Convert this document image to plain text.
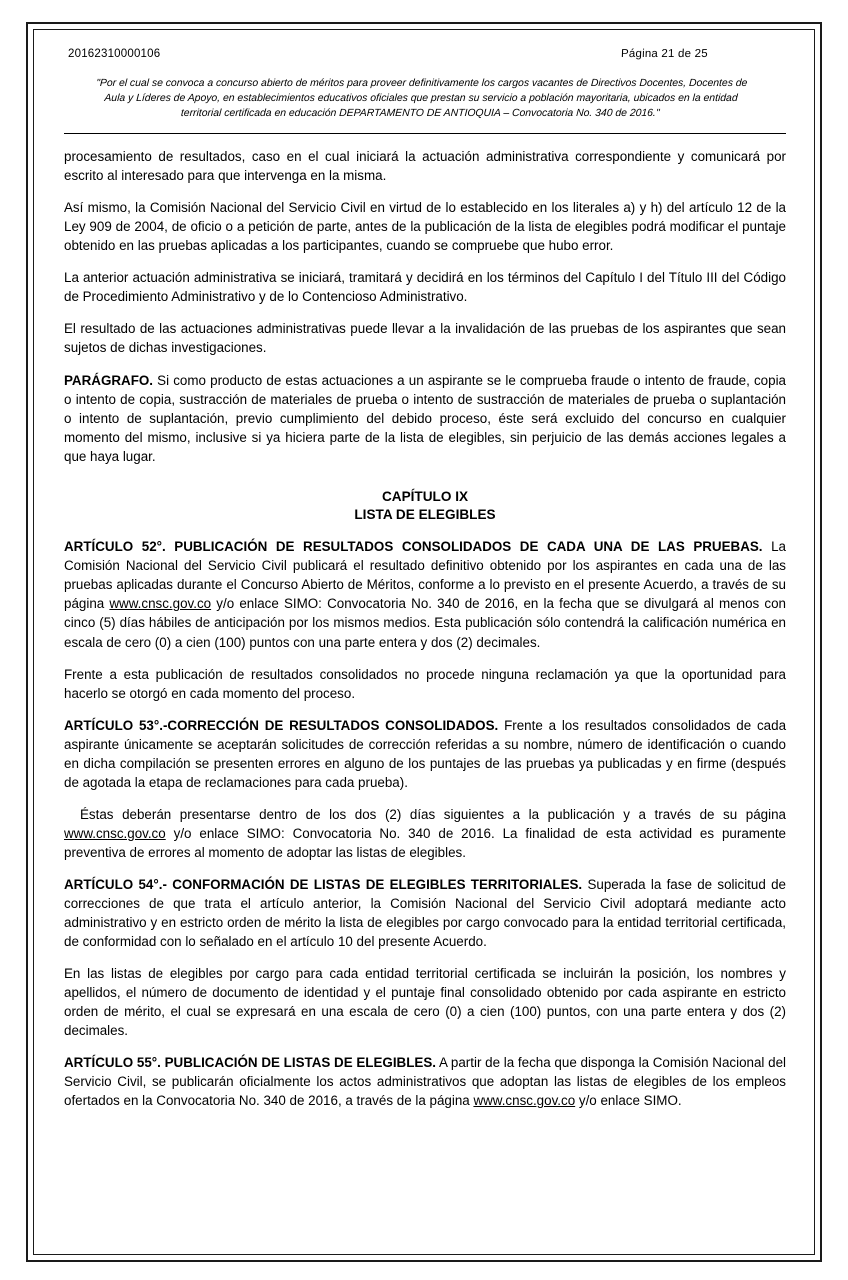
20162310000106	Página 21 de 25
"Por el cual se convoca a concurso abierto de méritos para proveer definitivamente los cargos vacantes de Directivos Docentes, Docentes de Aula y Líderes de Apoyo, en establecimientos educativos oficiales que prestan su servicio a población mayoritaria, ubicados en la entidad territorial certificada en educación DEPARTAMENTO DE ANTIOQUIA – Convocatoria No. 340 de 2016."

procesamiento de resultados, caso en el cual iniciará la actuación administrativa correspondiente y comunicará por escrito al interesado para que intervenga en la misma.

Así mismo, la Comisión Nacional del Servicio Civil en virtud de lo establecido en los literales a) y h) del artículo 12 de la Ley 909 de 2004, de oficio o a petición de parte, antes de la publicación de la lista de elegibles podrá modificar el puntaje obtenido en las pruebas aplicadas a los participantes, cuando se compruebe que hubo error.

La anterior actuación administrativa se iniciará, tramitará y decidirá en los términos del Capítulo I del Título III del Código de Procedimiento Administrativo y de lo Contencioso Administrativo.

El resultado de las actuaciones administrativas puede llevar a la invalidación de las pruebas de los aspirantes que sean sujetos de dichas investigaciones.

PARÁGRAFO. Si como producto de estas actuaciones a un aspirante se le comprueba fraude o intento de fraude, copia o intento de copia, sustracción de materiales de prueba o intento de sustracción de materiales de prueba o suplantación o intento de suplantación, previo cumplimiento del debido proceso, éste será excluido del concurso en cualquier momento del mismo, inclusive si ya hiciera parte de la lista de elegibles, sin perjuicio de las demás acciones legales a que haya lugar.

CAPÍTULO IX
LISTA DE ELEGIBLES

ARTÍCULO 52°. PUBLICACIÓN DE RESULTADOS CONSOLIDADOS DE CADA UNA DE LAS PRUEBAS. La Comisión Nacional del Servicio Civil publicará el resultado definitivo obtenido por los aspirantes en cada una de las pruebas aplicadas durante el Concurso Abierto de Méritos, conforme a lo previsto en el presente Acuerdo, a través de su página www.cnsc.gov.co y/o enlace SIMO: Convocatoria No. 340 de 2016, en la fecha que se divulgará al menos con cinco (5) días hábiles de anticipación por los mismos medios. Esta publicación sólo contendrá la calificación numérica en escala de cero (0) a cien (100) puntos con una parte entera y dos (2) decimales.

Frente a esta publicación de resultados consolidados no procede ninguna reclamación ya que la oportunidad para hacerlo se otorgó en cada momento del proceso.

ARTÍCULO 53°.-CORRECCIÓN DE RESULTADOS CONSOLIDADOS. Frente a los resultados consolidados de cada aspirante únicamente se aceptarán solicitudes de corrección referidas a su nombre, número de identificación o cuando en dicha compilación se presenten errores en alguno de los puntajes de las pruebas ya publicadas y en firme (después de agotada la etapa de reclamaciones para cada prueba).

Éstas deberán presentarse dentro de los dos (2) días siguientes a la publicación y a través de su página www.cnsc.gov.co y/o enlace SIMO: Convocatoria No. 340 de 2016. La finalidad de esta actividad es puramente preventiva de errores al momento de adoptar las listas de elegibles.

ARTÍCULO 54°.- CONFORMACIÓN DE LISTAS DE ELEGIBLES TERRITORIALES. Superada la fase de solicitud de correcciones de que trata el artículo anterior, la Comisión Nacional del Servicio Civil adoptará mediante acto administrativo y en estricto orden de mérito la lista de elegibles por cargo convocado para la entidad territorial certificada, de conformidad con lo señalado en el artículo 10 del presente Acuerdo.

En las listas de elegibles por cargo para cada entidad territorial certificada se incluirán la posición, los nombres y apellidos, el número de documento de identidad y el puntaje final consolidado obtenido por cada aspirante en estricto orden de mérito, el cual se expresará en una escala de cero (0) a cien (100) puntos, con una parte entera y dos (2) decimales.

ARTÍCULO 55°. PUBLICACIÓN DE LISTAS DE ELEGIBLES. A partir de la fecha que disponga la Comisión Nacional del Servicio Civil, se publicarán oficialmente los actos administrativos que adoptan las listas de elegibles de los empleos ofertados en la Convocatoria No. 340 de 2016, a través de la página www.cnsc.gov.co y/o enlace SIMO.
